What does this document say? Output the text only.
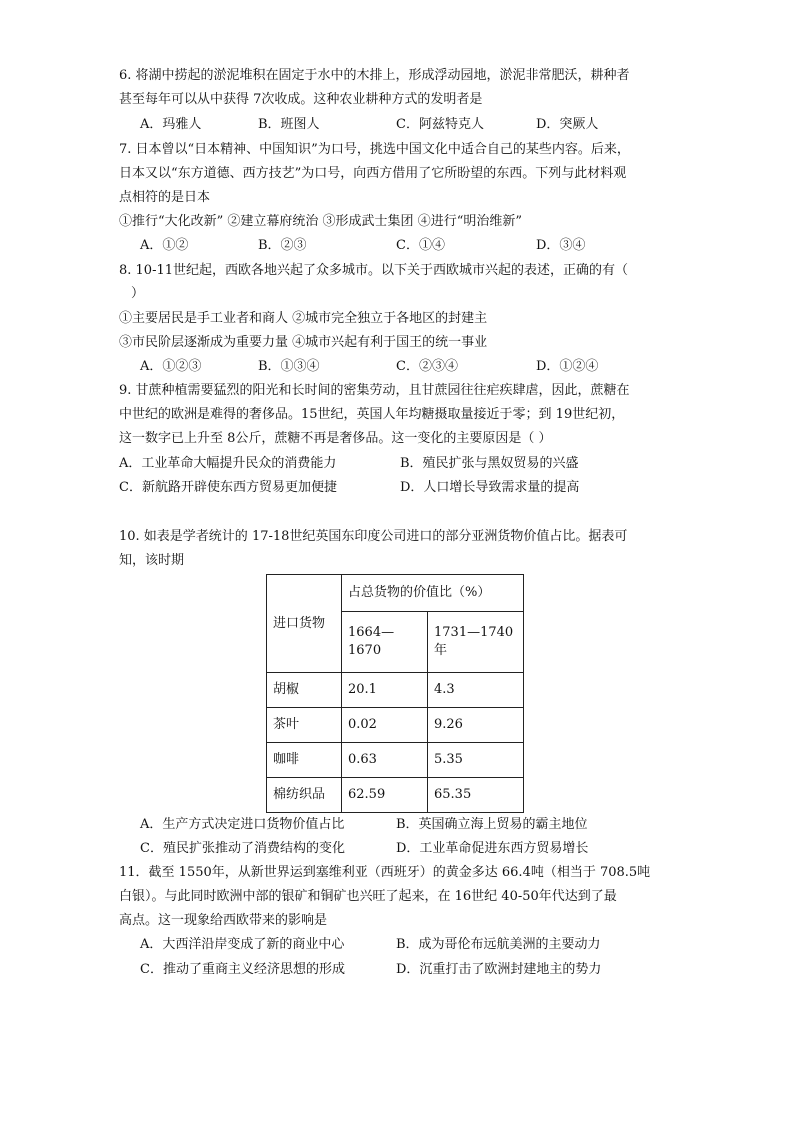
6. 将湖中捞起的淤泥堆积在固定于水中的木排上，形成浮动园地，淤泥非常肥沃，耕种者
甚至每年可以从中获得 7次收成。这种农业耕种方式的发明者是
A．玛雅人	B．班图人	C．阿兹特克人	D．突厥人
7. 日本曾以“日本精神、中国知识”为口号，挑选中国文化中适合自己的某些内容。后来，
日本又以“东方道德、西方技艺”为口号，向西方借用了它所盼望的东西。下列与此材料观
点相符的是日本
①推行“大化改新” ②建立幕府统治 ③形成武士集团 ④进行“明治维新”
A．①②	B．②③	C．①④	D．③④
8. 10-11世纪起，西欧各地兴起了众多城市。以下关于西欧城市兴起的表述，正确的有（
）
①主要居民是手工业者和商人 ②城市完全独立于各地区的封建主
③市民阶层逐渐成为重要力量 ④城市兴起有利于国王的统一事业
A．①②③	B．①③④	C．②③④	D．①②④
9. 甘蔗种植需要猛烈的阳光和长时间的密集劳动，且甘蔗园往往疟疾肆虐，因此，蔗糖在
中世纪的欧洲是难得的奢侈品。15世纪，英国人年均糖摄取量接近于零；到 19世纪初，
这一数字已上升至 8公斤，蔗糖不再是奢侈品。这一变化的主要原因是（ ）
A．工业革命大幅提升民众的消费能力	B．殖民扩张与黑奴贸易的兴盛
C．新航路开辟使东西方贸易更加便捷	D．人口增长导致需求量的提高
10. 如表是学者统计的 17-18世纪英国东印度公司进口的部分亚洲货物价值占比。据表可
知，该时期
进口货物	占总货物的价值比（%）	
	1664—1670	1731—1740
年

胡椒	20.1	4.3
茶叶	0.02	9.26
咖啡	0.63	5.35
棉纺织品	62.59	65.35
A．生产方式决定进口货物价值占比	B．英国确立海上贸易的霸主地位
C．殖民扩张推动了消费结构的变化	D．工业革命促进东西方贸易增长
11．截至 1550年，从新世界运到塞维利亚（西班牙）的黄金多达 66.4吨（相当于 708.5吨
白银）。与此同时欧洲中部的银矿和铜矿也兴旺了起来，在 16世纪 40-50年代达到了最
高点。这一现象给西欧带来的影响是
A．大西洋沿岸变成了新的商业中心	B．成为哥伦布远航美洲的主要动力
C．推动了重商主义经济思想的形成	D．沉重打击了欧洲封建地主的势力
